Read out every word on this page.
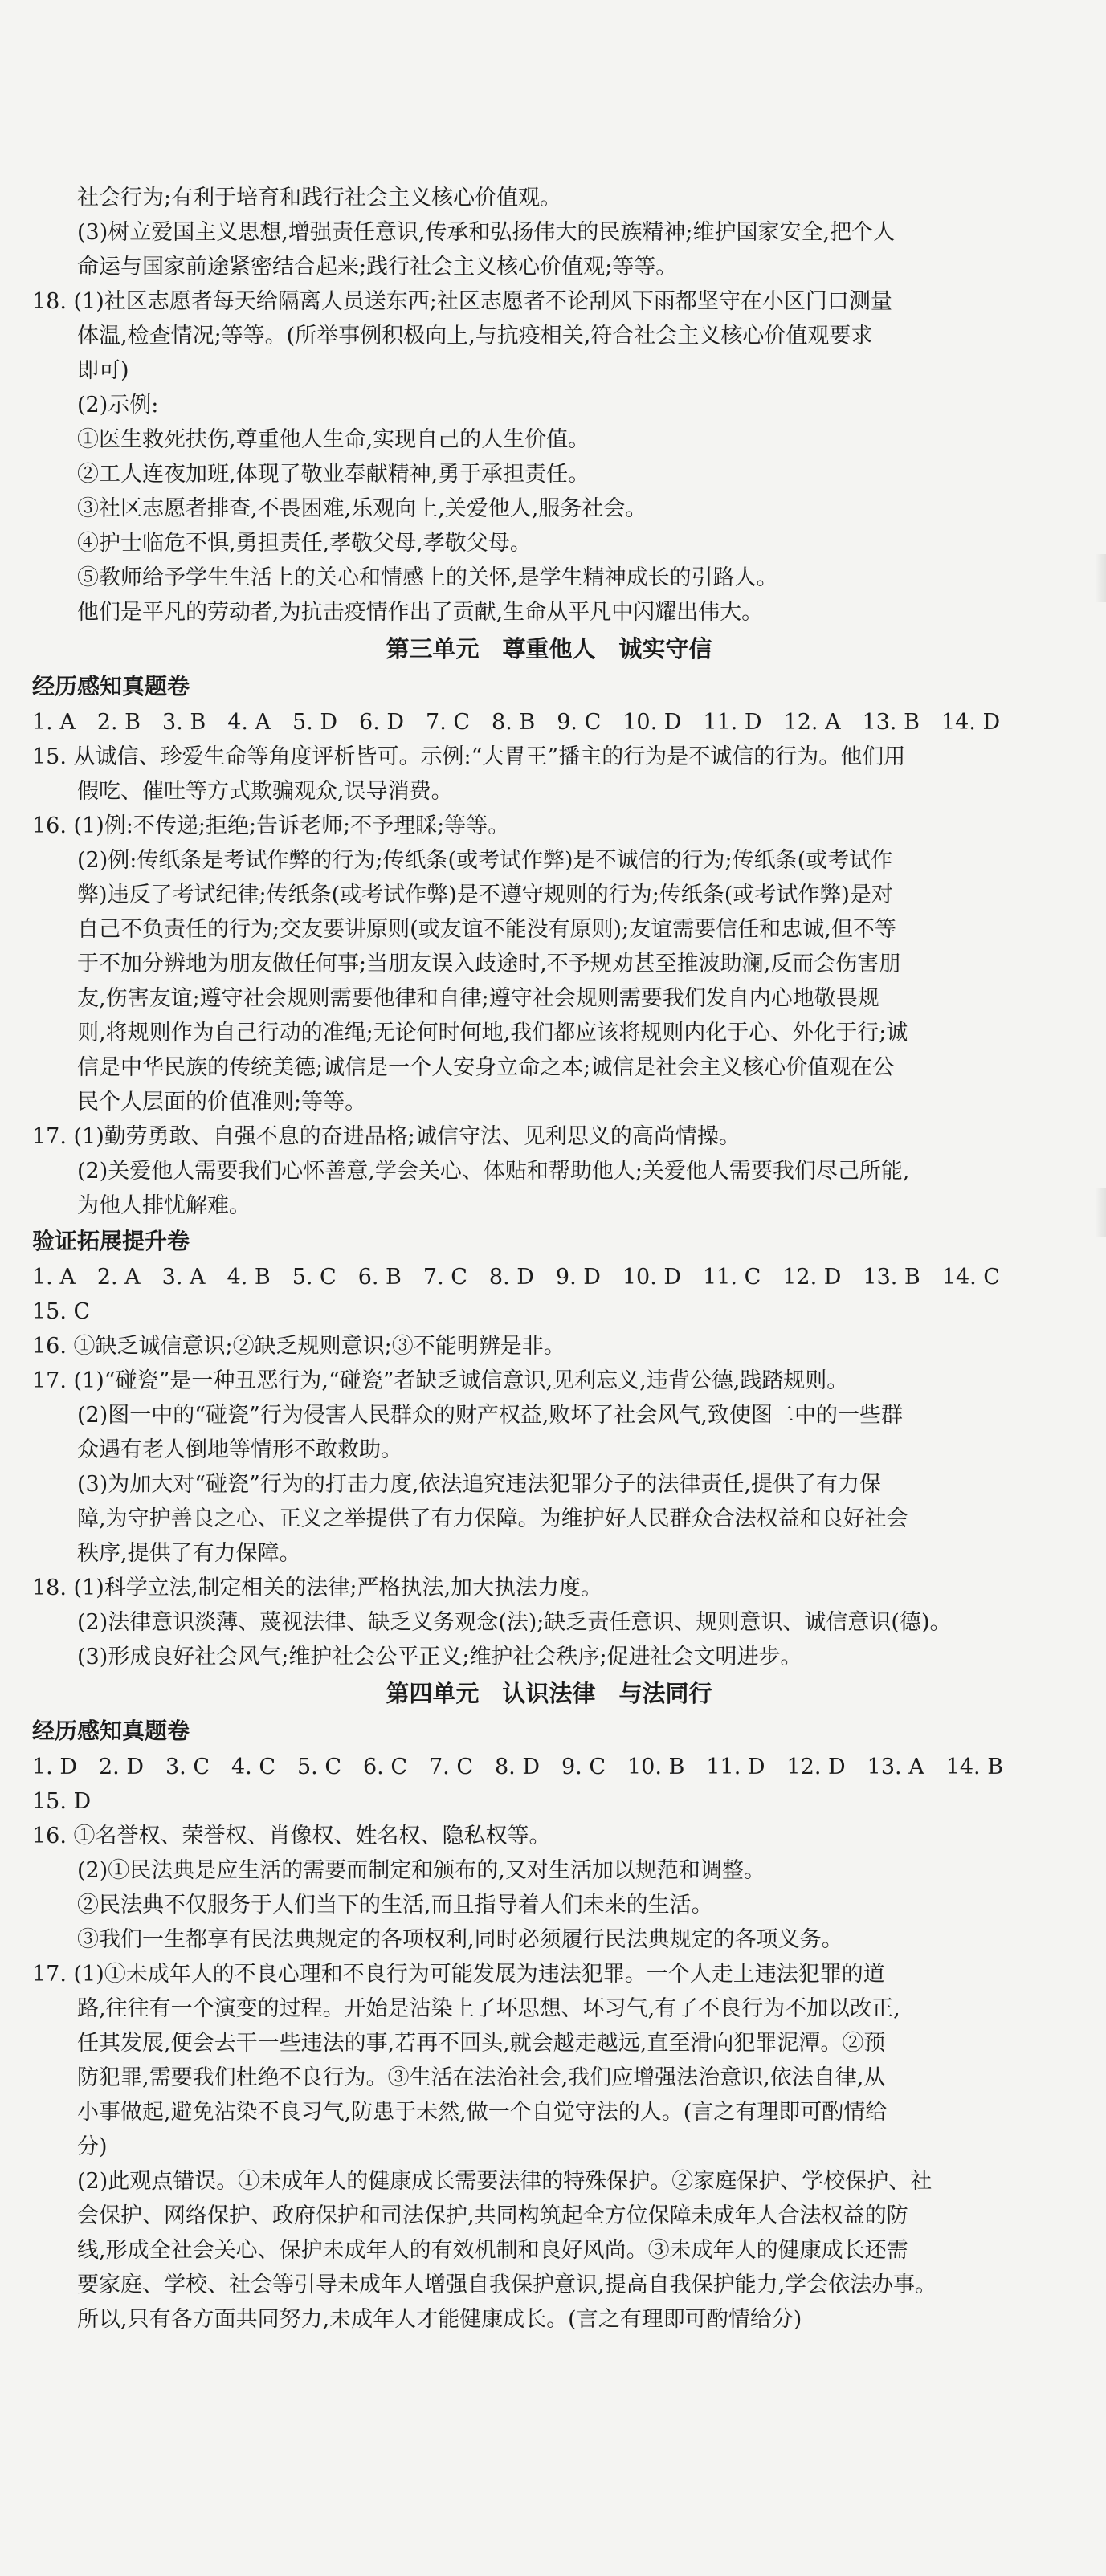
社会行为;有利于培育和践行社会主义核心价值观。
(3)树立爱国主义思想,增强责任意识,传承和弘扬伟大的民族精神;维护国家安全,把个人
命运与国家前途紧密结合起来;践行社会主义核心价值观;等等。
18. (1)社区志愿者每天给隔离人员送东西;社区志愿者不论刮风下雨都坚守在小区门口测量
体温,检查情况;等等。(所举事例积极向上,与抗疫相关,符合社会主义核心价值观要求
即可)
(2)示例:
①医生救死扶伤,尊重他人生命,实现自己的人生价值。
②工人连夜加班,体现了敬业奉献精神,勇于承担责任。
③社区志愿者排查,不畏困难,乐观向上,关爱他人,服务社会。
④护士临危不惧,勇担责任,孝敬父母,孝敬父母。
⑤教师给予学生生活上的关心和情感上的关怀,是学生精神成长的引路人。
他们是平凡的劳动者,为抗击疫情作出了贡献,生命从平凡中闪耀出伟大。
第三单元　尊重他人　诚实守信
经历感知真题卷
1. A　2. B　3. B　4. A　5. D　6. D　7. C　8. B　9. C　10. D　11. D　12. A　13. B　14. D
15. 从诚信、珍爱生命等角度评析皆可。示例:“大胃王”播主的行为是不诚信的行为。他们用
假吃、催吐等方式欺骗观众,误导消费。
16. (1)例:不传递;拒绝;告诉老师;不予理睬;等等。
(2)例:传纸条是考试作弊的行为;传纸条(或考试作弊)是不诚信的行为;传纸条(或考试作
弊)违反了考试纪律;传纸条(或考试作弊)是不遵守规则的行为;传纸条(或考试作弊)是对
自己不负责任的行为;交友要讲原则(或友谊不能没有原则);友谊需要信任和忠诚,但不等
于不加分辨地为朋友做任何事;当朋友误入歧途时,不予规劝甚至推波助澜,反而会伤害朋
友,伤害友谊;遵守社会规则需要他律和自律;遵守社会规则需要我们发自内心地敬畏规
则,将规则作为自己行动的准绳;无论何时何地,我们都应该将规则内化于心、外化于行;诚
信是中华民族的传统美德;诚信是一个人安身立命之本;诚信是社会主义核心价值观在公
民个人层面的价值准则;等等。
17. (1)勤劳勇敢、自强不息的奋进品格;诚信守法、见利思义的高尚情操。
(2)关爱他人需要我们心怀善意,学会关心、体贴和帮助他人;关爱他人需要我们尽己所能,
为他人排忧解难。
验证拓展提升卷
1. A　2. A　3. A　4. B　5. C　6. B　7. C　8. D　9. D　10. D　11. C　12. D　13. B　14. C
15. C
16. ①缺乏诚信意识;②缺乏规则意识;③不能明辨是非。
17. (1)“碰瓷”是一种丑恶行为,“碰瓷”者缺乏诚信意识,见利忘义,违背公德,践踏规则。
(2)图一中的“碰瓷”行为侵害人民群众的财产权益,败坏了社会风气,致使图二中的一些群
众遇有老人倒地等情形不敢救助。
(3)为加大对“碰瓷”行为的打击力度,依法追究违法犯罪分子的法律责任,提供了有力保
障,为守护善良之心、正义之举提供了有力保障。为维护好人民群众合法权益和良好社会
秩序,提供了有力保障。
18. (1)科学立法,制定相关的法律;严格执法,加大执法力度。
(2)法律意识淡薄、蔑视法律、缺乏义务观念(法);缺乏责任意识、规则意识、诚信意识(德)。
(3)形成良好社会风气;维护社会公平正义;维护社会秩序;促进社会文明进步。
第四单元　认识法律　与法同行
经历感知真题卷
1. D　2. D　3. C　4. C　5. C　6. C　7. C　8. D　9. C　10. B　11. D　12. D　13. A　14. B
15. D
16. ①名誉权、荣誉权、肖像权、姓名权、隐私权等。
(2)①民法典是应生活的需要而制定和颁布的,又对生活加以规范和调整。
②民法典不仅服务于人们当下的生活,而且指导着人们未来的生活。
③我们一生都享有民法典规定的各项权利,同时必须履行民法典规定的各项义务。
17. (1)①未成年人的不良心理和不良行为可能发展为违法犯罪。一个人走上违法犯罪的道
路,往往有一个演变的过程。开始是沾染上了坏思想、坏习气,有了不良行为不加以改正,
任其发展,便会去干一些违法的事,若再不回头,就会越走越远,直至滑向犯罪泥潭。②预
防犯罪,需要我们杜绝不良行为。③生活在法治社会,我们应增强法治意识,依法自律,从
小事做起,避免沾染不良习气,防患于未然,做一个自觉守法的人。(言之有理即可酌情给
分)
(2)此观点错误。①未成年人的健康成长需要法律的特殊保护。②家庭保护、学校保护、社
会保护、网络保护、政府保护和司法保护,共同构筑起全方位保障未成年人合法权益的防
线,形成全社会关心、保护未成年人的有效机制和良好风尚。③未成年人的健康成长还需
要家庭、学校、社会等引导未成年人增强自我保护意识,提高自我保护能力,学会依法办事。
所以,只有各方面共同努力,未成年人才能健康成长。(言之有理即可酌情给分)
